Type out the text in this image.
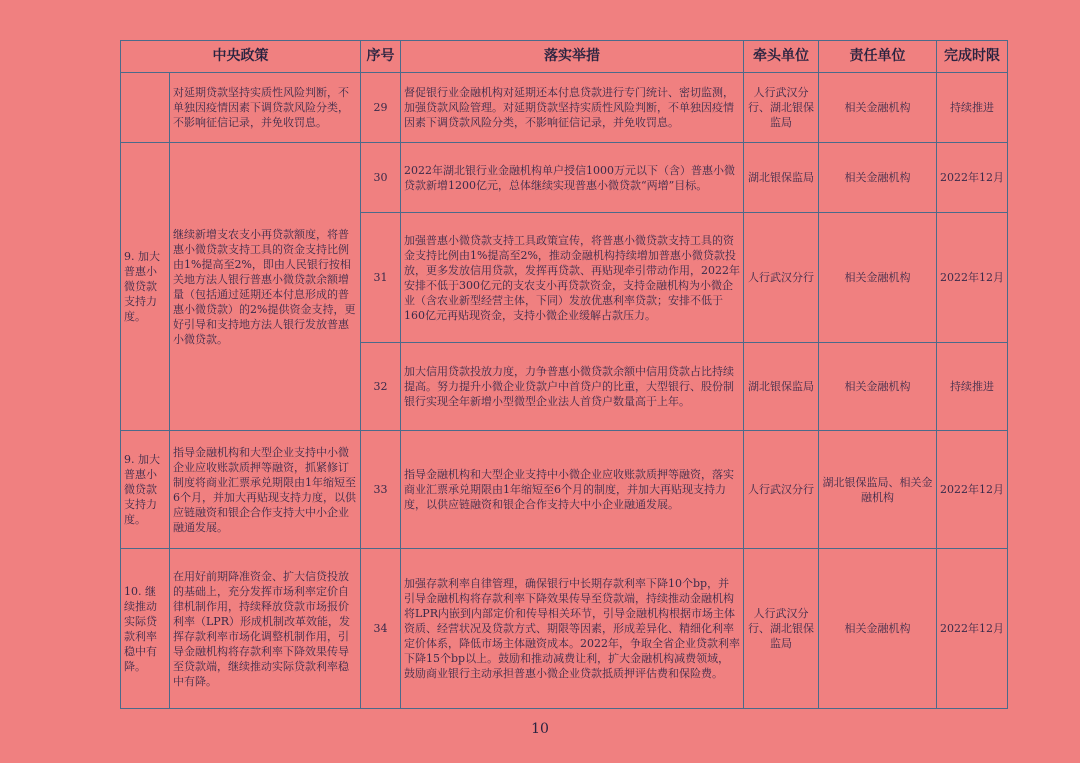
中央政策		序号	落实举措	牵头单位	责任单位	完成时限
	对延期贷款坚持实质性风险判断，不单独因疫情因素下调贷款风险分类，不影响征信记录，并免收罚息。	29	督促银行业金融机构对延期还本付息贷款进行专门统计、密切监测，加强贷款风险管理。对延期贷款坚持实质性风险判断，不单独因疫情因素下调贷款风险分类，不影响征信记录，并免收罚息。	人行武汉分行、湖北银保监局	相关金融机构	持续推进
9. 加大普惠小微贷款支持力度。	继续新增支农支小再贷款额度，将普惠小微贷款支持工具的资金支持比例由1%提高至2%，即由人民银行按相关地方法人银行普惠小微贷款余额增量（包括通过延期还本付息形成的普惠小微贷款）的2%提供资金支持，更好引导和支持地方法人银行发放普惠小微贷款。	30	2022年湖北银行业金融机构单户授信1000万元以下（含）普惠小微贷款新增1200亿元，总体继续实现普惠小微贷款“两增”目标。	湖北银保监局	相关金融机构	2022年12月
		31	加强普惠小微贷款支持工具政策宣传，将普惠小微贷款支持工具的资金支持比例由1%提高至2%，推动金融机构持续增加普惠小微贷款投放，更多发放信用贷款，发挥再贷款、再贴现牵引带动作用，2022年安排不低于300亿元的支农支小再贷款资金，支持金融机构为小微企业（含农业新型经营主体，下同）发放优惠利率贷款；安排不低于160亿元再贴现资金，支持小微企业缓解占款压力。	人行武汉分行	相关金融机构	2022年12月
		32	加大信用贷款投放力度，力争普惠小微贷款余额中信用贷款占比持续提高。努力提升小微企业贷款户中首贷户的比重，大型银行、股份制银行实现全年新增小型微型企业法人首贷户数量高于上年。	湖北银保监局	相关金融机构	持续推进
9. 加大普惠小微贷款支持力度。	指导金融机构和大型企业支持中小微企业应收账款质押等融资，抓紧修订制度将商业汇票承兑期限由1年缩短至6个月，并加大再贴现支持力度，以供应链融资和银企合作支持大中小企业融通发展。	33	指导金融机构和大型企业支持中小微企业应收账款质押等融资，落实商业汇票承兑期限由1年缩短至6个月的制度，并加大再贴现支持力度，以供应链融资和银企合作支持大中小企业融通发展。	人行武汉分行	湖北银保监局、相关金融机构	2022年12月
10. 继续推动实际贷款利率稳中有降。	在用好前期降准资金、扩大信贷投放的基础上，充分发挥市场利率定价自律机制作用，持续释放贷款市场报价利率（LPR）形成机制改革效能，发挥存款利率市场化调整机制作用，引导金融机构将存款利率下降效果传导至贷款端，继续推动实际贷款利率稳中有降。	34	加强存款利率自律管理，确保银行中长期存款利率下降10个bp，并引导金融机构将存款利率下降效果传导至贷款端，持续推动金融机构将LPR内嵌到内部定价和传导相关环节，引导金融机构根据市场主体资质、经营状况及贷款方式、期限等因素，形成差异化、精细化利率定价体系，降低市场主体融资成本。2022年，争取全省企业贷款利率下降15个bp以上。鼓励和推动减费让利，扩大金融机构减费领域，鼓励商业银行主动承担普惠小微企业贷款抵质押评估费和保险费。	人行武汉分行、湖北银保监局	相关金融机构	2022年12月
10
